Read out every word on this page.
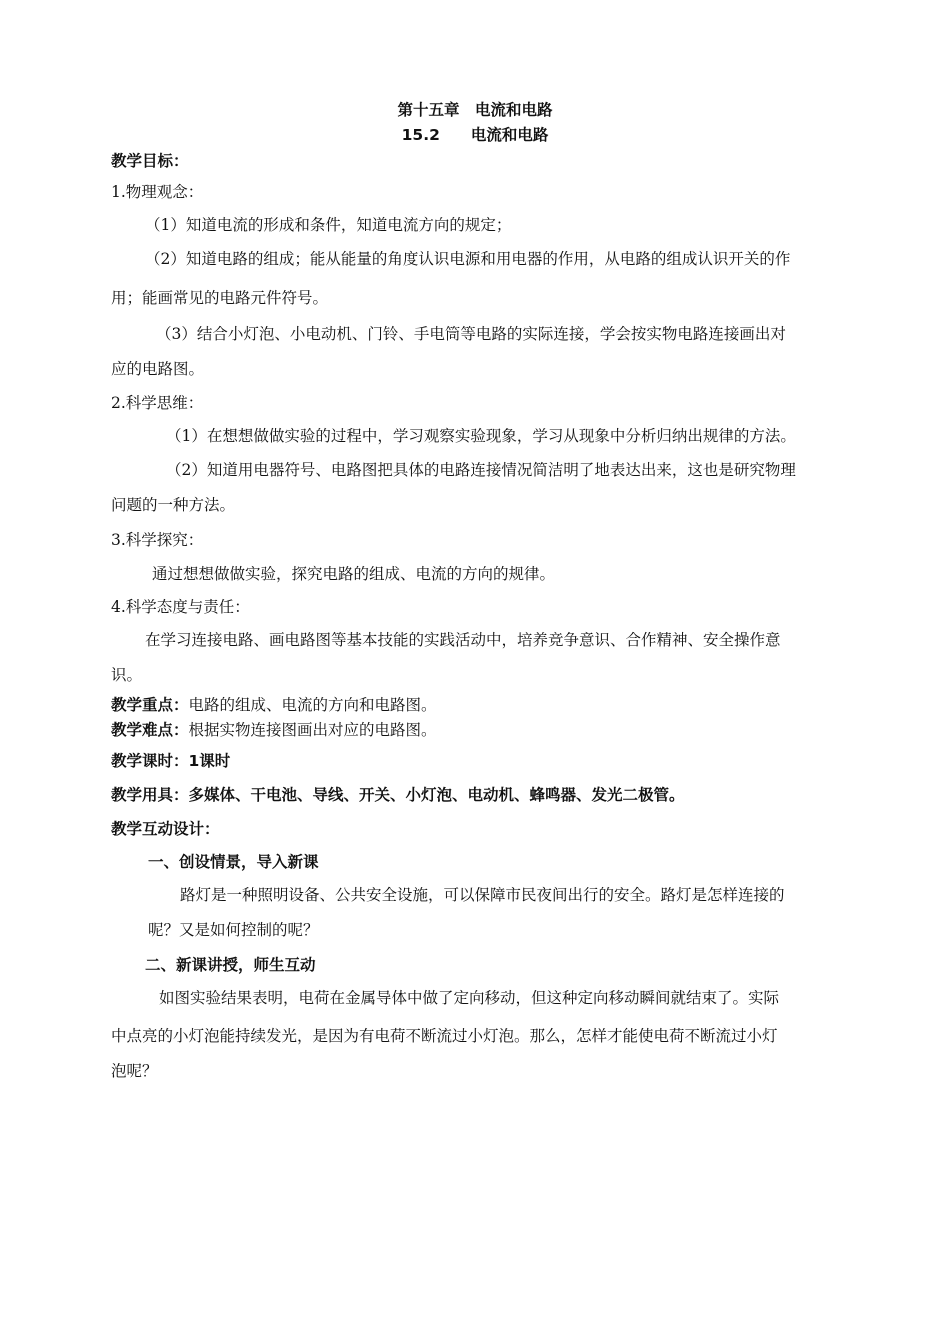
第十五章　电流和电路
15.2　　电流和电路
教学目标：
1.物理观念：
（1）知道电流的形成和条件，知道电流方向的规定；
（2）知道电路的组成；能从能量的角度认识电源和用电器的作用，从电路的组成认识开关的作
用；能画常见的电路元件符号。
（3）结合小灯泡、小电动机、门铃、手电筒等电路的实际连接，学会按实物电路连接画出对
应的电路图。
2.科学思维：
（1）在想想做做实验的过程中，学习观察实验现象，学习从现象中分析归纳出规律的方法。
（2）知道用电器符号、电路图把具体的电路连接情况简洁明了地表达出来，这也是研究物理
问题的一种方法。
3.科学探究：
通过想想做做实验，探究电路的组成、电流的方向的规律。
4.科学态度与责任：
在学习连接电路、画电路图等基本技能的实践活动中，培养竞争意识、合作精神、安全操作意
识。
教学重点：电路的组成、电流的方向和电路图。
教学难点：根据实物连接图画出对应的电路图。
教学课时：1课时
教学用具：多媒体、干电池、导线、开关、小灯泡、电动机、蜂鸣器、发光二极管。
教学互动设计：
一、创设情景，导入新课
路灯是一种照明设备、公共安全设施，可以保障市民夜间出行的安全。路灯是怎样连接的
呢？又是如何控制的呢？
二、新课讲授，师生互动
如图实验结果表明，电荷在金属导体中做了定向移动，但这种定向移动瞬间就结束了。实际
中点亮的小灯泡能持续发光，是因为有电荷不断流过小灯泡。那么，怎样才能使电荷不断流过小灯
泡呢？
